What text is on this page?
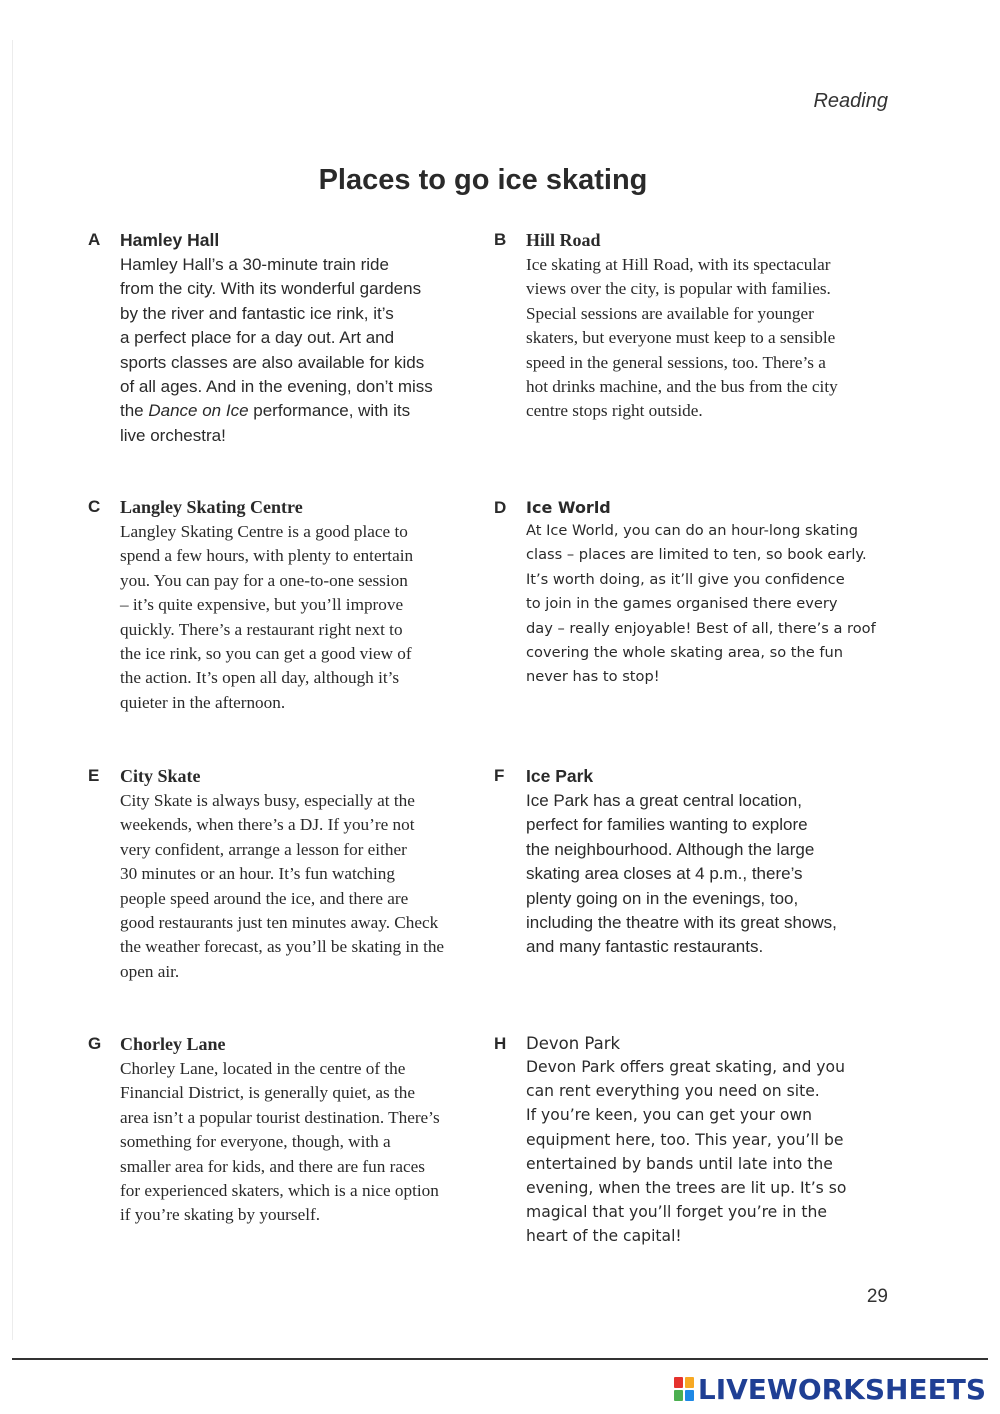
Reading
Places to go ice skating
A Hamley Hall
Hamley Hall’s a 30-minute train ride
from the city. With its wonderful gardens
by the river and fantastic ice rink, it’s
a perfect place for a day out. Art and
sports classes are also available for kids
of all ages. And in the evening, don’t miss
the Dance on Ice performance, with its
live orchestra!
B Hill Road
Ice skating at Hill Road, with its spectacular
views over the city, is popular with families.
Special sessions are available for younger
skaters, but everyone must keep to a sensible
speed in the general sessions, too. There’s a
hot drinks machine, and the bus from the city
centre stops right outside.
C Langley Skating Centre
Langley Skating Centre is a good place to
spend a few hours, with plenty to entertain
you. You can pay for a one-to-one session
– it’s quite expensive, but you’ll improve
quickly. There’s a restaurant right next to
the ice rink, so you can get a good view of
the action. It’s open all day, although it’s
quieter in the afternoon.
D Ice World
At Ice World, you can do an hour-long skating
class – places are limited to ten, so book early.
It’s worth doing, as it’ll give you confidence
to join in the games organised there every
day – really enjoyable! Best of all, there’s a roof
covering the whole skating area, so the fun
never has to stop!
E City Skate
City Skate is always busy, especially at the
weekends, when there’s a DJ. If you’re not
very confident, arrange a lesson for either
30 minutes or an hour. It’s fun watching
people speed around the ice, and there are
good restaurants just ten minutes away. Check
the weather forecast, as you’ll be skating in the
open air.
F Ice Park
Ice Park has a great central location,
perfect for families wanting to explore
the neighbourhood. Although the large
skating area closes at 4 p.m., there’s
plenty going on in the evenings, too,
including the theatre with its great shows,
and many fantastic restaurants.
G Chorley Lane
Chorley Lane, located in the centre of the
Financial District, is generally quiet, as the
area isn’t a popular tourist destination. There’s
something for everyone, though, with a
smaller area for kids, and there are fun races
for experienced skaters, which is a nice option
if you’re skating by yourself.
H Devon Park
Devon Park offers great skating, and you
can rent everything you need on site.
If you’re keen, you can get your own
equipment here, too. This year, you’ll be
entertained by bands until late into the
evening, when the trees are lit up. It’s so
magical that you’ll forget you’re in the
heart of the capital!
29
LIVEWORKSHEETS
